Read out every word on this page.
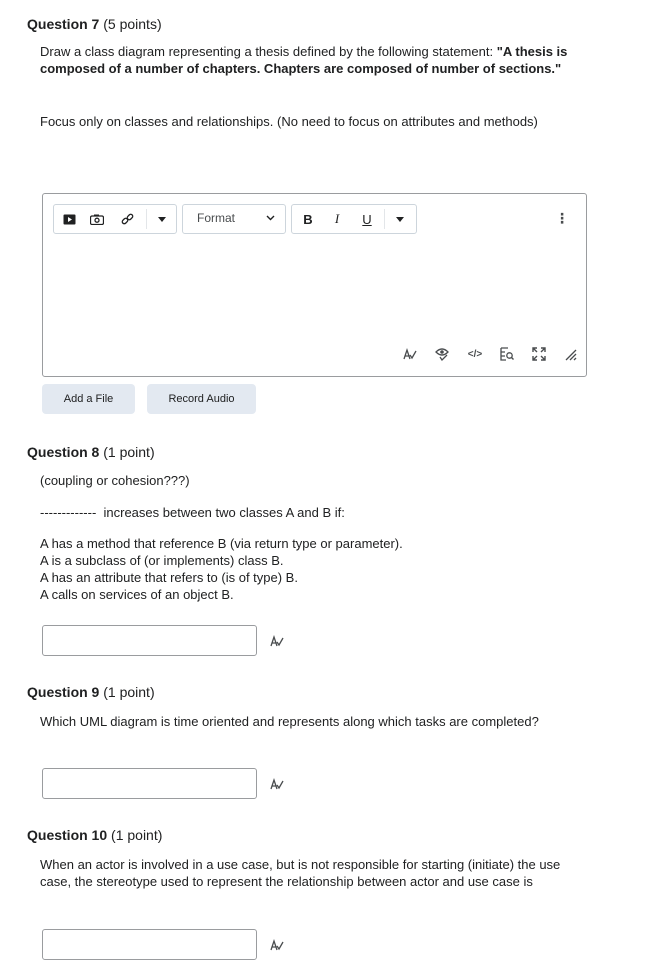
Question 7 (5 points)
Draw a class diagram representing a thesis defined by the following statement: "A thesis is composed of a number of chapters. Chapters are composed of number of sections."
Focus only on classes and relationships. (No need to focus on attributes and methods)
Format	B	I	U	⋮
</>
Add a File	Record Audio
Question 8 (1 point)
(coupling or cohesion???)
-------------  increases between two classes A and B if:
A has a method that reference B (via return type or parameter).
A is a subclass of (or implements) class B.
A has an attribute that refers to (is of type) B.
A calls on services of an object B.
Question 9 (1 point)
Which UML diagram is time oriented and represents along which tasks are completed?
Question 10 (1 point)
When an actor is involved in a use case, but is not responsible for starting (initiate) the use case, the stereotype used to represent the relationship between actor and use case is
